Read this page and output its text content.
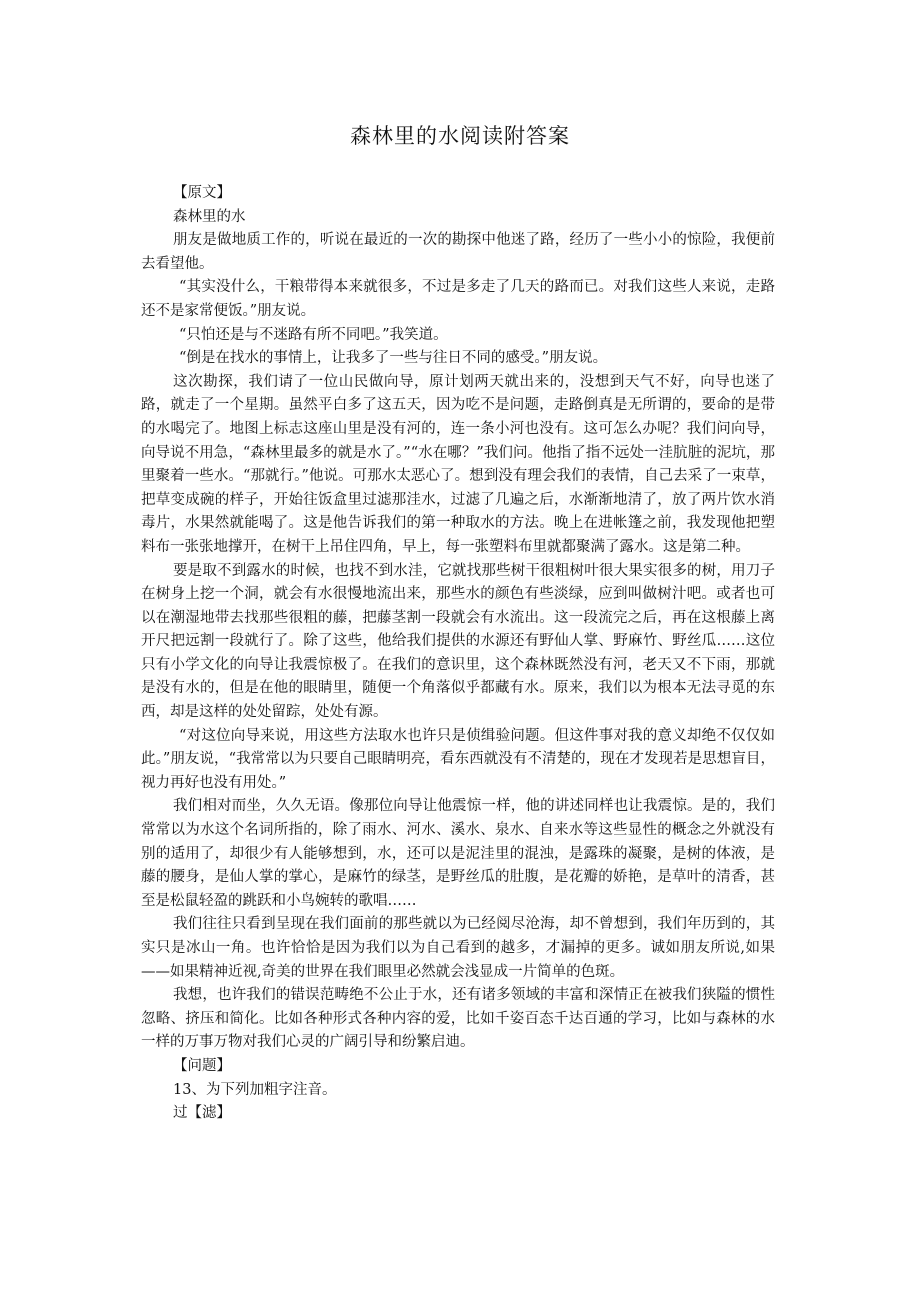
森林里的水阅读附答案

【原文】

森林里的水

朋友是做地质工作的，听说在最近的一次的勘探中他迷了路，经历了一些小小的惊险，我便前去看望他。

“其实没什么，干粮带得本来就很多，不过是多走了几天的路而已。对我们这些人来说，走路还不是家常便饭。”朋友说。

“只怕还是与不迷路有所不同吧。”我笑道。

“倒是在找水的事情上，让我多了一些与往日不同的感受。”朋友说。

这次勘探，我们请了一位山民做向导，原计划两天就出来的，没想到天气不好，向导也迷了路，就走了一个星期。虽然平白多了这五天，因为吃不是问题，走路倒真是无所谓的，要命的是带的水喝完了。地图上标志这座山里是没有河的，连一条小河也没有。这可怎么办呢？我们问向导，向导说不用急，“森林里最多的就是水了。”“水在哪？”我们问。他指了指不远处一洼肮脏的泥坑，那里聚着一些水。“那就行。”他说。可那水太恶心了。想到没有理会我们的表情，自己去采了一束草，把草变成碗的样子，开始往饭盒里过滤那洼水，过滤了几遍之后，水渐渐地清了，放了两片饮水消毒片，水果然就能喝了。这是他告诉我们的第一种取水的方法。晚上在进帐篷之前，我发现他把塑料布一张张地撑开，在树干上吊住四角，早上，每一张塑料布里就都聚满了露水。这是第二种。

要是取不到露水的时候，也找不到水洼，它就找那些树干很粗树叶很大果实很多的树，用刀子在树身上挖一个洞，就会有水很慢地流出来，那些水的颜色有些淡绿，应到叫做树汁吧。或者也可以在潮湿地带去找那些很粗的藤，把藤茎割一段就会有水流出。这一段流完之后，再在这根藤上离开尺把远割一段就行了。除了这些，他给我们提供的水源还有野仙人掌、野麻竹、野丝瓜……这位只有小学文化的向导让我震惊极了。在我们的意识里，这个森林既然没有河，老天又不下雨，那就是没有水的，但是在他的眼睛里，随便一个角落似乎都藏有水。原来，我们以为根本无法寻觅的东西，却是这样的处处留踪，处处有源。

“对这位向导来说，用这些方法取水也许只是侦缉验问题。但这件事对我的意义却绝不仅仅如此。”朋友说，“我常常以为只要自己眼睛明亮，看东西就没有不清楚的，现在才发现若是思想盲目，视力再好也没有用处。”

我们相对而坐，久久无语。像那位向导让他震惊一样，他的讲述同样也让我震惊。是的，我们常常以为水这个名词所指的，除了雨水、河水、溪水、泉水、自来水等这些显性的概念之外就没有别的适用了，却很少有人能够想到，水，还可以是泥洼里的混浊，是露珠的凝聚，是树的体液，是藤的腰身，是仙人掌的掌心，是麻竹的绿茎，是野丝瓜的肚腹，是花瓣的娇艳，是草叶的清香，甚至是松鼠轻盈的跳跃和小鸟婉转的歌唱……

我们往往只看到呈现在我们面前的那些就以为已经阅尽沧海，却不曾想到，我们年历到的，其实只是冰山一角。也许恰恰是因为我们以为自己看到的越多，才漏掉的更多。诚如朋友所说,如果——如果精神近视,奇美的世界在我们眼里必然就会浅显成一片简单的色斑。

我想，也许我们的错误范畴绝不公止于水，还有诸多领域的丰富和深情正在被我们狭隘的惯性忽略、挤压和简化。比如各种形式各种内容的爱，比如千姿百态千达百通的学习，比如与森林的水一样的万事万物对我们心灵的广阔引导和纷繁启迪。

【问题】

13、为下列加粗字注音。

过【滤】
